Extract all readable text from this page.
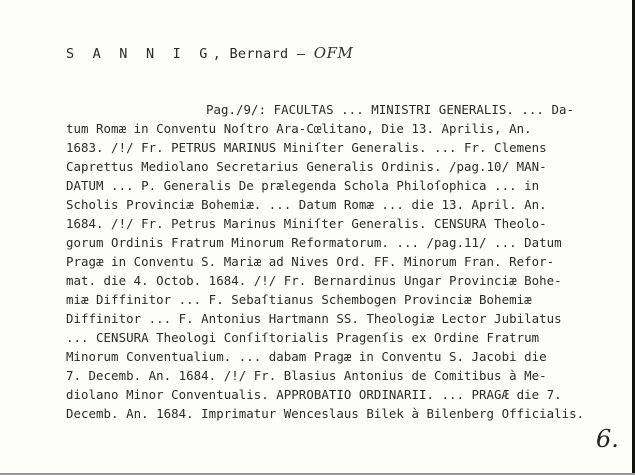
S A N N I G, Bernard — OFM
Pag./9/: FACULTAS ... MINISTRI GENERALIS. ... Da-
tum Romæ in Conventu Noſtro Ara-Cœlitano, Die 13. Aprilis, An.
1683. /!/ Fr. PETRUS MARINUS Miniſter Generalis. ... Fr. Clemens
Caprettus Mediolano Secretarius Generalis Ordinis. /pag.10/ MAN-
DATUM ... P. Generalis De prælegenda Schola Philoſophica ... in
Scholis Provinciæ Bohemiæ. ... Datum Romæ ... die 13. April. An.
1684. /!/ Fr. Petrus Marinus Miniſter Generalis. CENSURA Theolo-
gorum Ordinis Fratrum Minorum Reformatorum. ... /pag.11/ ... Datum
Pragæ in Conventu S. Mariæ ad Nives Ord. FF. Minorum Fran. Refor-
mat. die 4. Octob. 1684. /!/ Fr. Bernardinus Ungar Provinciæ Bohe-
miæ Diffinitor ... F. Sebaſtianus Schembogen Provinciæ Bohemiæ
Diffinitor ... F. Antonius Hartmann SS. Theologiæ Lector Jubilatus
... CENSURA Theologi Conſiſtorialis Pragenſis ex Ordine Fratrum
Minorum Conventualium. ... dabam Pragæ in Conventu S. Jacobi die
7. Decemb. An. 1684. /!/ Fr. Blasius Antonius de Comitibus à Me-
diolano Minor Conventualis. APPROBATIO ORDINARII. ... PRAGÆ die 7.
Decemb. An. 1684. Imprimatur Wenceslaus Bilek à Bilenberg Officialis.
6.
